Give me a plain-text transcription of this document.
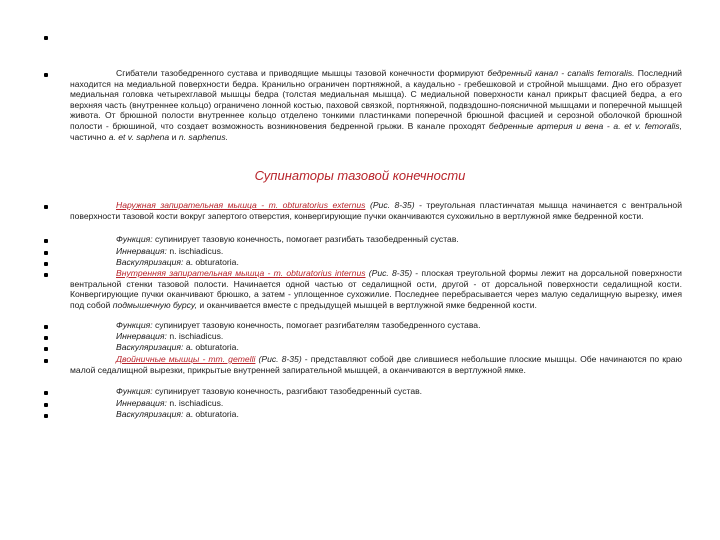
Сгибатели тазобедренного сустава и приводящие мышцы тазовой конечности формируют бедренный канал - canalis femoralis. Последний находится на медиальной поверхности бедра. Кранильно ограничен портняжной, а каудально - гребешковой и стройной мышцами. Дно его образует медиальная головка четырехглавой мышцы бедра (толстая медиальная мышца). С медиальной поверхности канал прикрыт фасцией бедра, а его верхняя часть (внутреннее кольцо) ограничено лонной костью, паховой связкой, портняжной, подвздошно-поясничной мышцами и поперечной мышцей живота. От брюшной полости внутреннее кольцо отделено тонкими пластинками поперечной брюшной фасцией и серозной оболочкой брюшной полости - брюшиной, что создает возможность возникновения бедренной грыжи. В канале проходят бедренные артерия и вена - a. et v. femoralis, частично a. et v. saphena и n. saphenus.

Супинаторы тазовой конечности

Наружная запирательная мышца - m. obturatorius externus (Рис. 8-35) - треугольная пластинчатая мышца начинается с вентральной поверхности тазовой кости вокруг запертого отверстия, конвергирующие пучки оканчиваются сухожильно в вертлужной ямке бедренной кости.

Функция: супинирует тазовую конечность, помогает разгибать тазобедренный сустав.

Иннервация: n. ischiadicus.

Васкуляризация: a. obturatoria.

Внутренняя запирательная мышца - m. obturatorius internus (Рис. 8-35) - плоская треугольной формы лежит на дорсальной поверхности вентральной стенки тазовой полости. Начинается одной частью от седалищной ости, другой - от дорсальной поверхности седалищной кости. Конвергирующие пучки оканчивают брюшко, а затем - уплощенное сухожилие. Последнее перебрасывается через малую седалищную вырезку, имея под собой подмышечную бурсу, и оканчивается вместе с предыдущей мышцей в вертлужной ямке бедренной кости.

Функция: супинирует тазовую конечность, помогает разгибателям тазобедренного сустава.

Иннервация: n. ischiadicus.

Васкуляризация: a. obturatoria.

Двойничные мышцы - mm. gemelli (Рис. 8-35) - представляют собой две слившиеся небольшие плоские мышцы. Обе начинаются по краю малой седалищной вырезки, прикрытые внутренней запирательной мышцей, а оканчиваются в вертлужной ямке.

Функция: супинирует тазовую конечность, разгибают тазобедренный сустав.

Иннервация: n. ischiadicus.

Васкуляризация: a. obturatoria.
